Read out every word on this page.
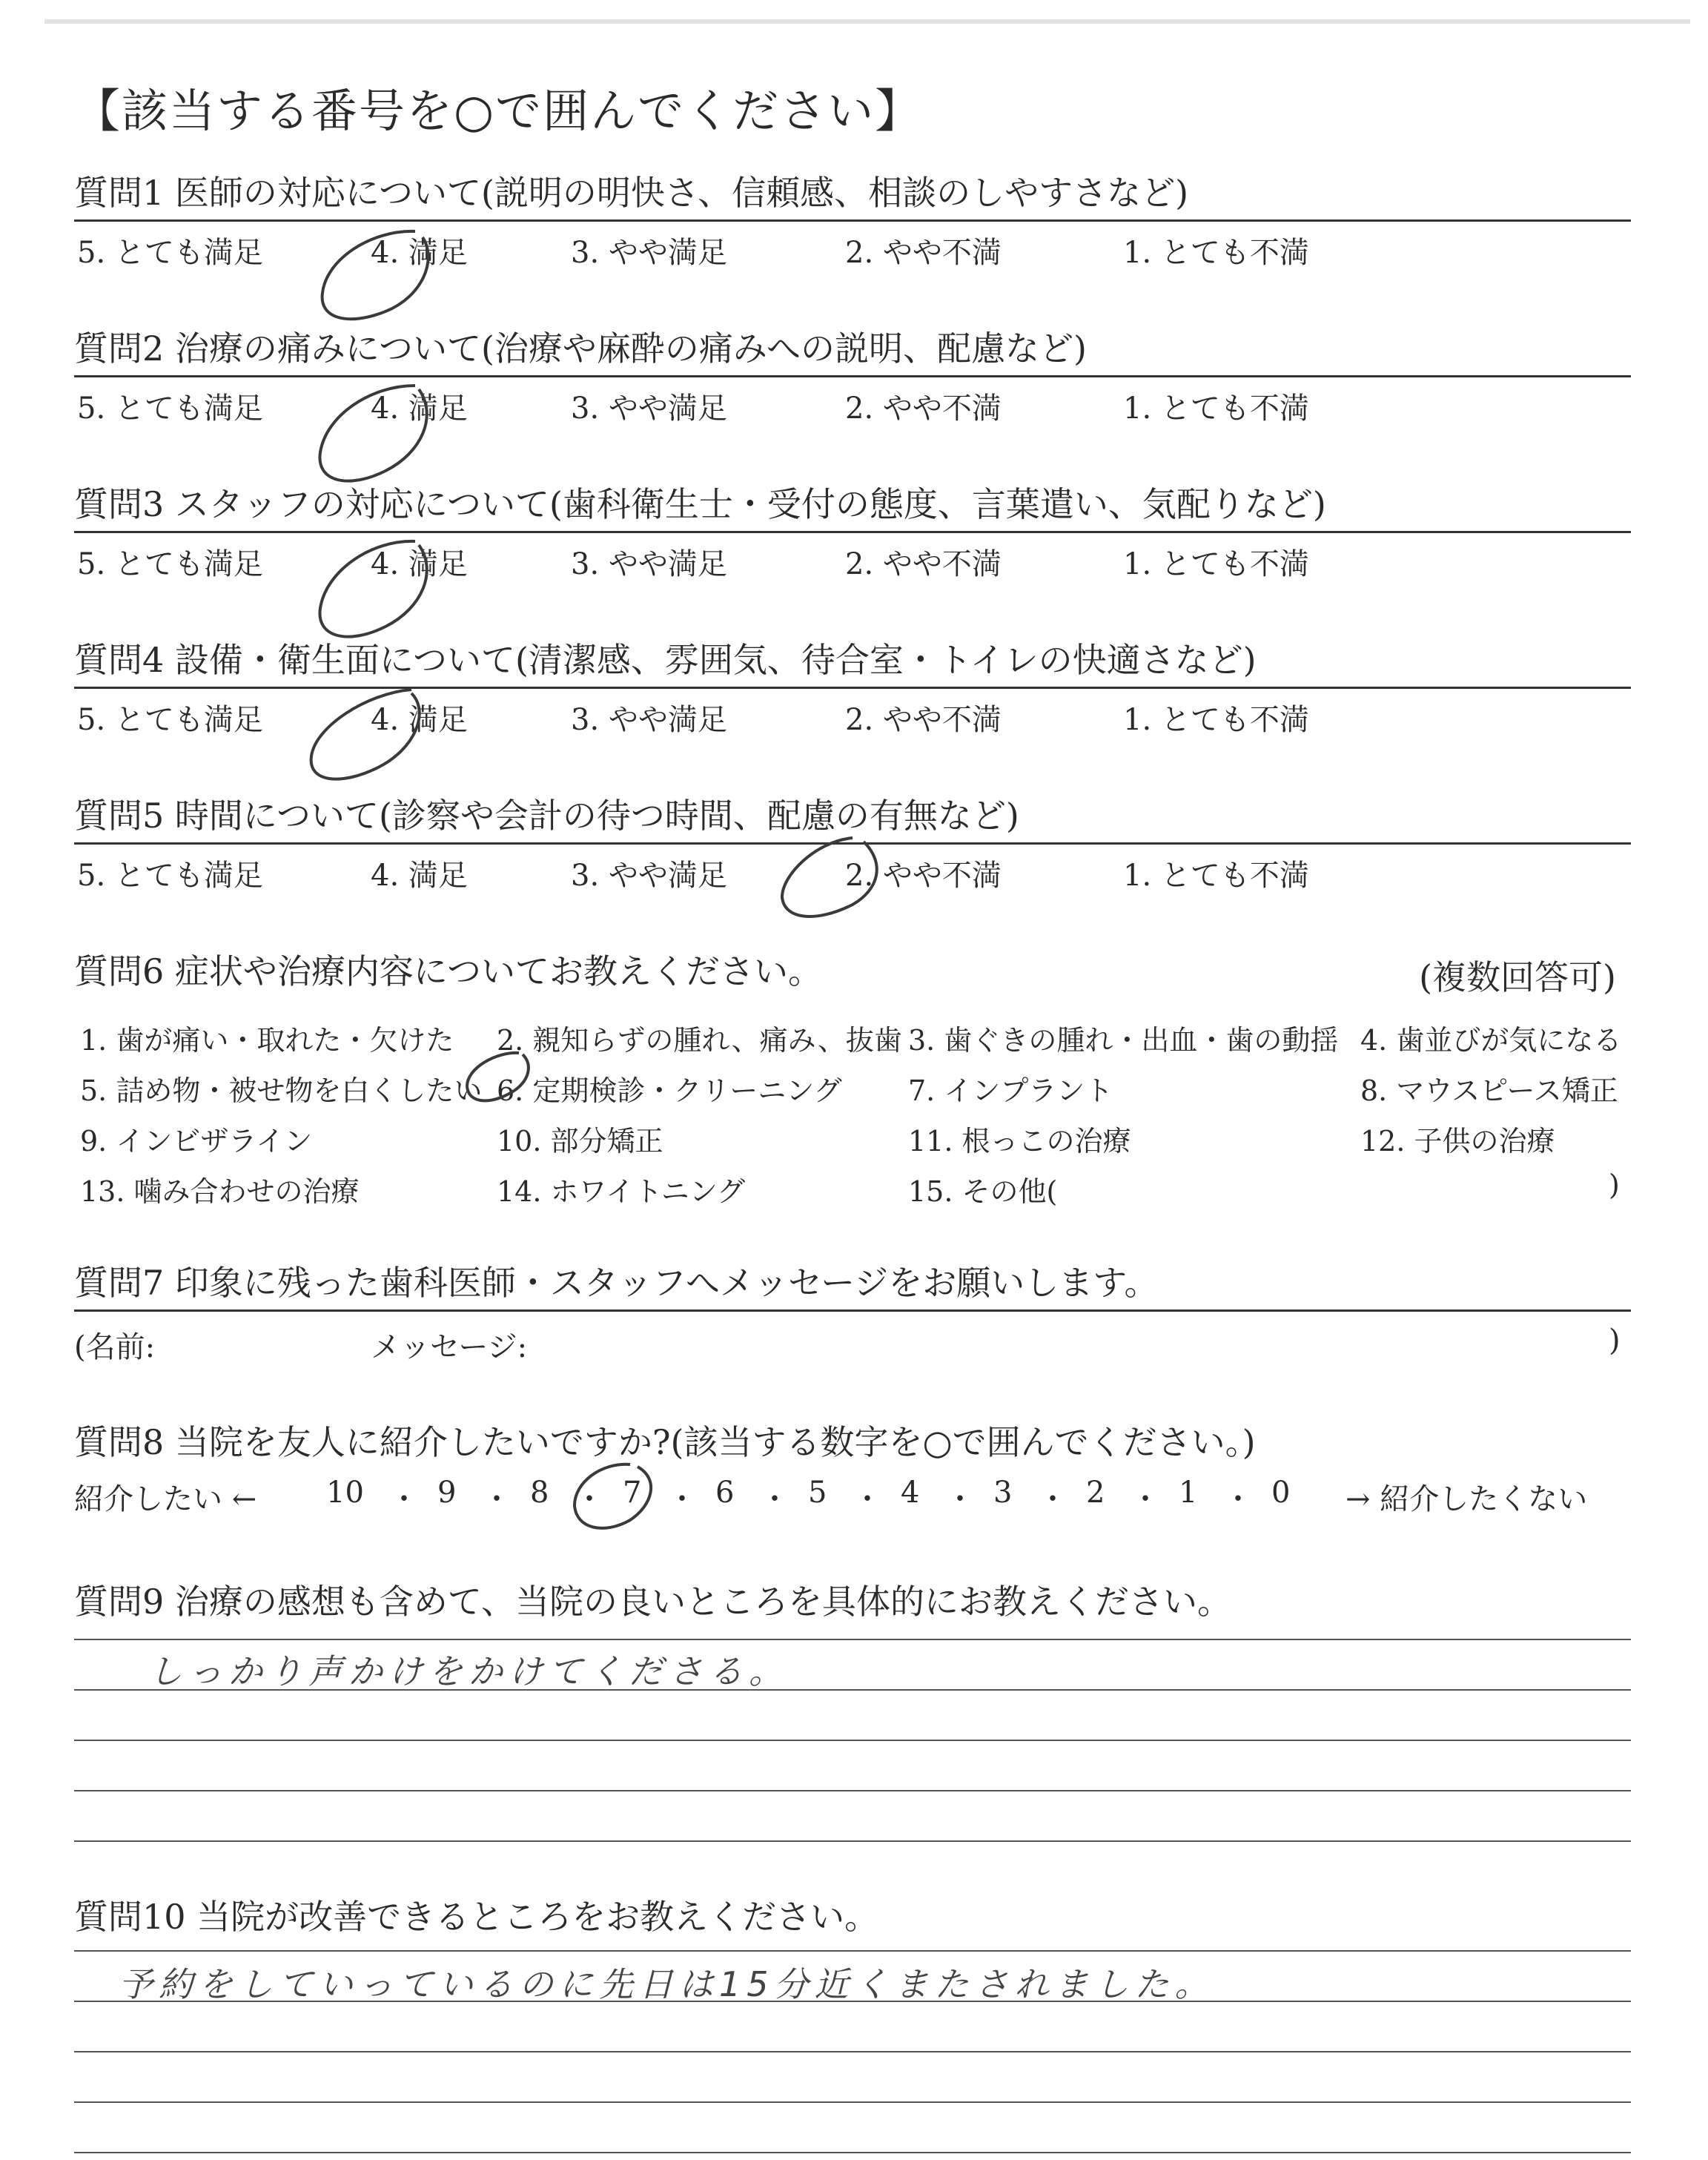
【該当する番号を○で囲んでください】
質問1 医師の対応について(説明の明快さ、信頼感、相談のしやすさなど)
5. とても満足	4. 満足	3. やや満足	2. やや不満	1. とても不満
質問2 治療の痛みについて(治療や麻酔の痛みへの説明、配慮など)
5. とても満足	4. 満足	3. やや満足	2. やや不満	1. とても不満
質問3 スタッフの対応について(歯科衛生士・受付の態度、言葉遣い、気配りなど)
5. とても満足	4. 満足	3. やや満足	2. やや不満	1. とても不満
質問4 設備・衛生面について(清潔感、雰囲気、待合室・トイレの快適さなど)
5. とても満足	4. 満足	3. やや満足	2. やや不満	1. とても不満
質問5 時間について(診察や会計の待つ時間、配慮の有無など)
5. とても満足	4. 満足	3. やや満足	2. やや不満	1. とても不満
質問6 症状や治療内容についてお教えください。	(複数回答可)
1. 歯が痛い・取れた・欠けた 2. 親知らずの腫れ、痛み、抜歯 3. 歯ぐきの腫れ・出血・歯の動揺 4. 歯並びが気になる
5. 詰め物・被せ物を白くしたい 6. 定期検診・クリーニング 7. インプラント	8. マウスピース矯正
9. インビザライン	10. 部分矯正	11. 根っこの治療	12. 子供の治療
13. 噛み合わせの治療	14. ホワイトニング	15. その他(	)
質問7 印象に残った歯科医師・スタッフへメッセージをお願いします。
(名前:	メッセージ:	)
質問8 当院を友人に紹介したいですか?(該当する数字を○で囲んでください。)
紹介したい ← 10 ・ 9 ・ 8 ・ 7 ・ 6 ・ 5 ・ 4 ・ 3 ・ 2 ・ 1 ・ 0 → 紹介したくない
質問9 治療の感想も含めて、当院の良いところを具体的にお教えください。
しっかり声かけをかけてくださる。
質問10 当院が改善できるところをお教えください。
予約をしていっているのに先日は15分近くまたされました。
